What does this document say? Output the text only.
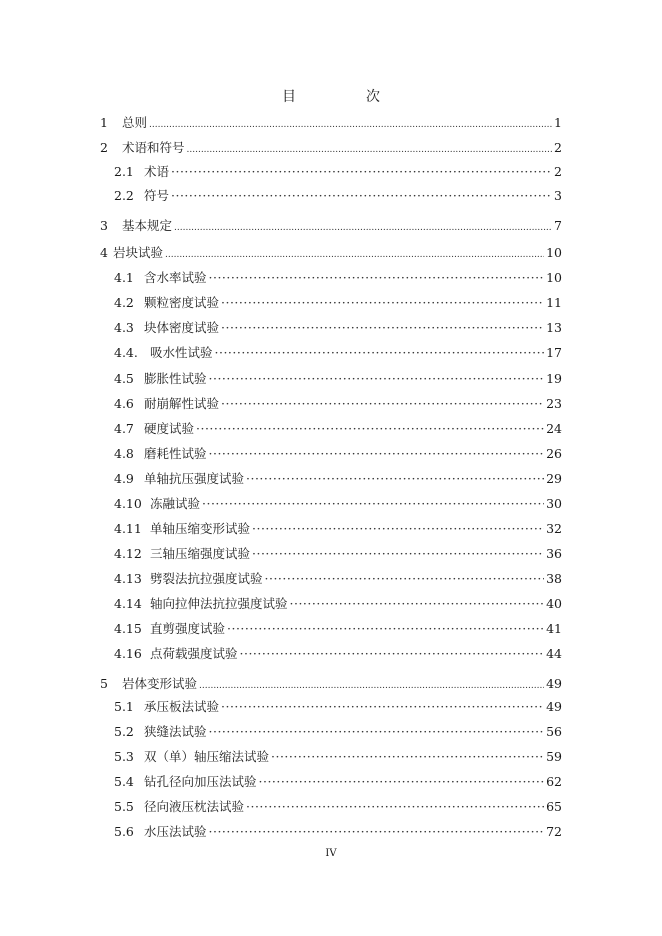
目　次
1	总则 .....	1
2	术语和符号 .....	2
2.1 术语 ·····	2
2.2 符号 ·····	3
3	基本规定 .....	7
4 岩块试验 .....	10
4.1 含水率试验 ·····	10
4.2 颗粒密度试验 ·····	11
4.3 块体密度试验 ·····	13
4.4. 吸水性试验 ·····	17
4.5 膨胀性试验 ·····	19
4.6 耐崩解性试验 ·····	23
4.7 硬度试验 ·····	24
4.8 磨耗性试验 ·····	26
4.9 单轴抗压强度试验 ·····	29
4.10 冻融试验 ·····	30
4.11 单轴压缩变形试验 ·····	32
4.12 三轴压缩强度试验 ·····	36
4.13 劈裂法抗拉强度试验 ·····	38
4.14 轴向拉伸法抗拉强度试验 ·····	40
4.15 直剪强度试验 ·····	41
4.16 点荷载强度试验 ·····	44
5	岩体变形试验 .....	49
5.1 承压板法试验 ·····	49
5.2 狭缝法试验 ·····	56
5.3 双（单）轴压缩法试验 ·····	59
5.4 钻孔径向加压法试验 ·····	62
5.5 径向液压枕法试验 ·····	65
5.6 水压法试验 ·····	72
IV
